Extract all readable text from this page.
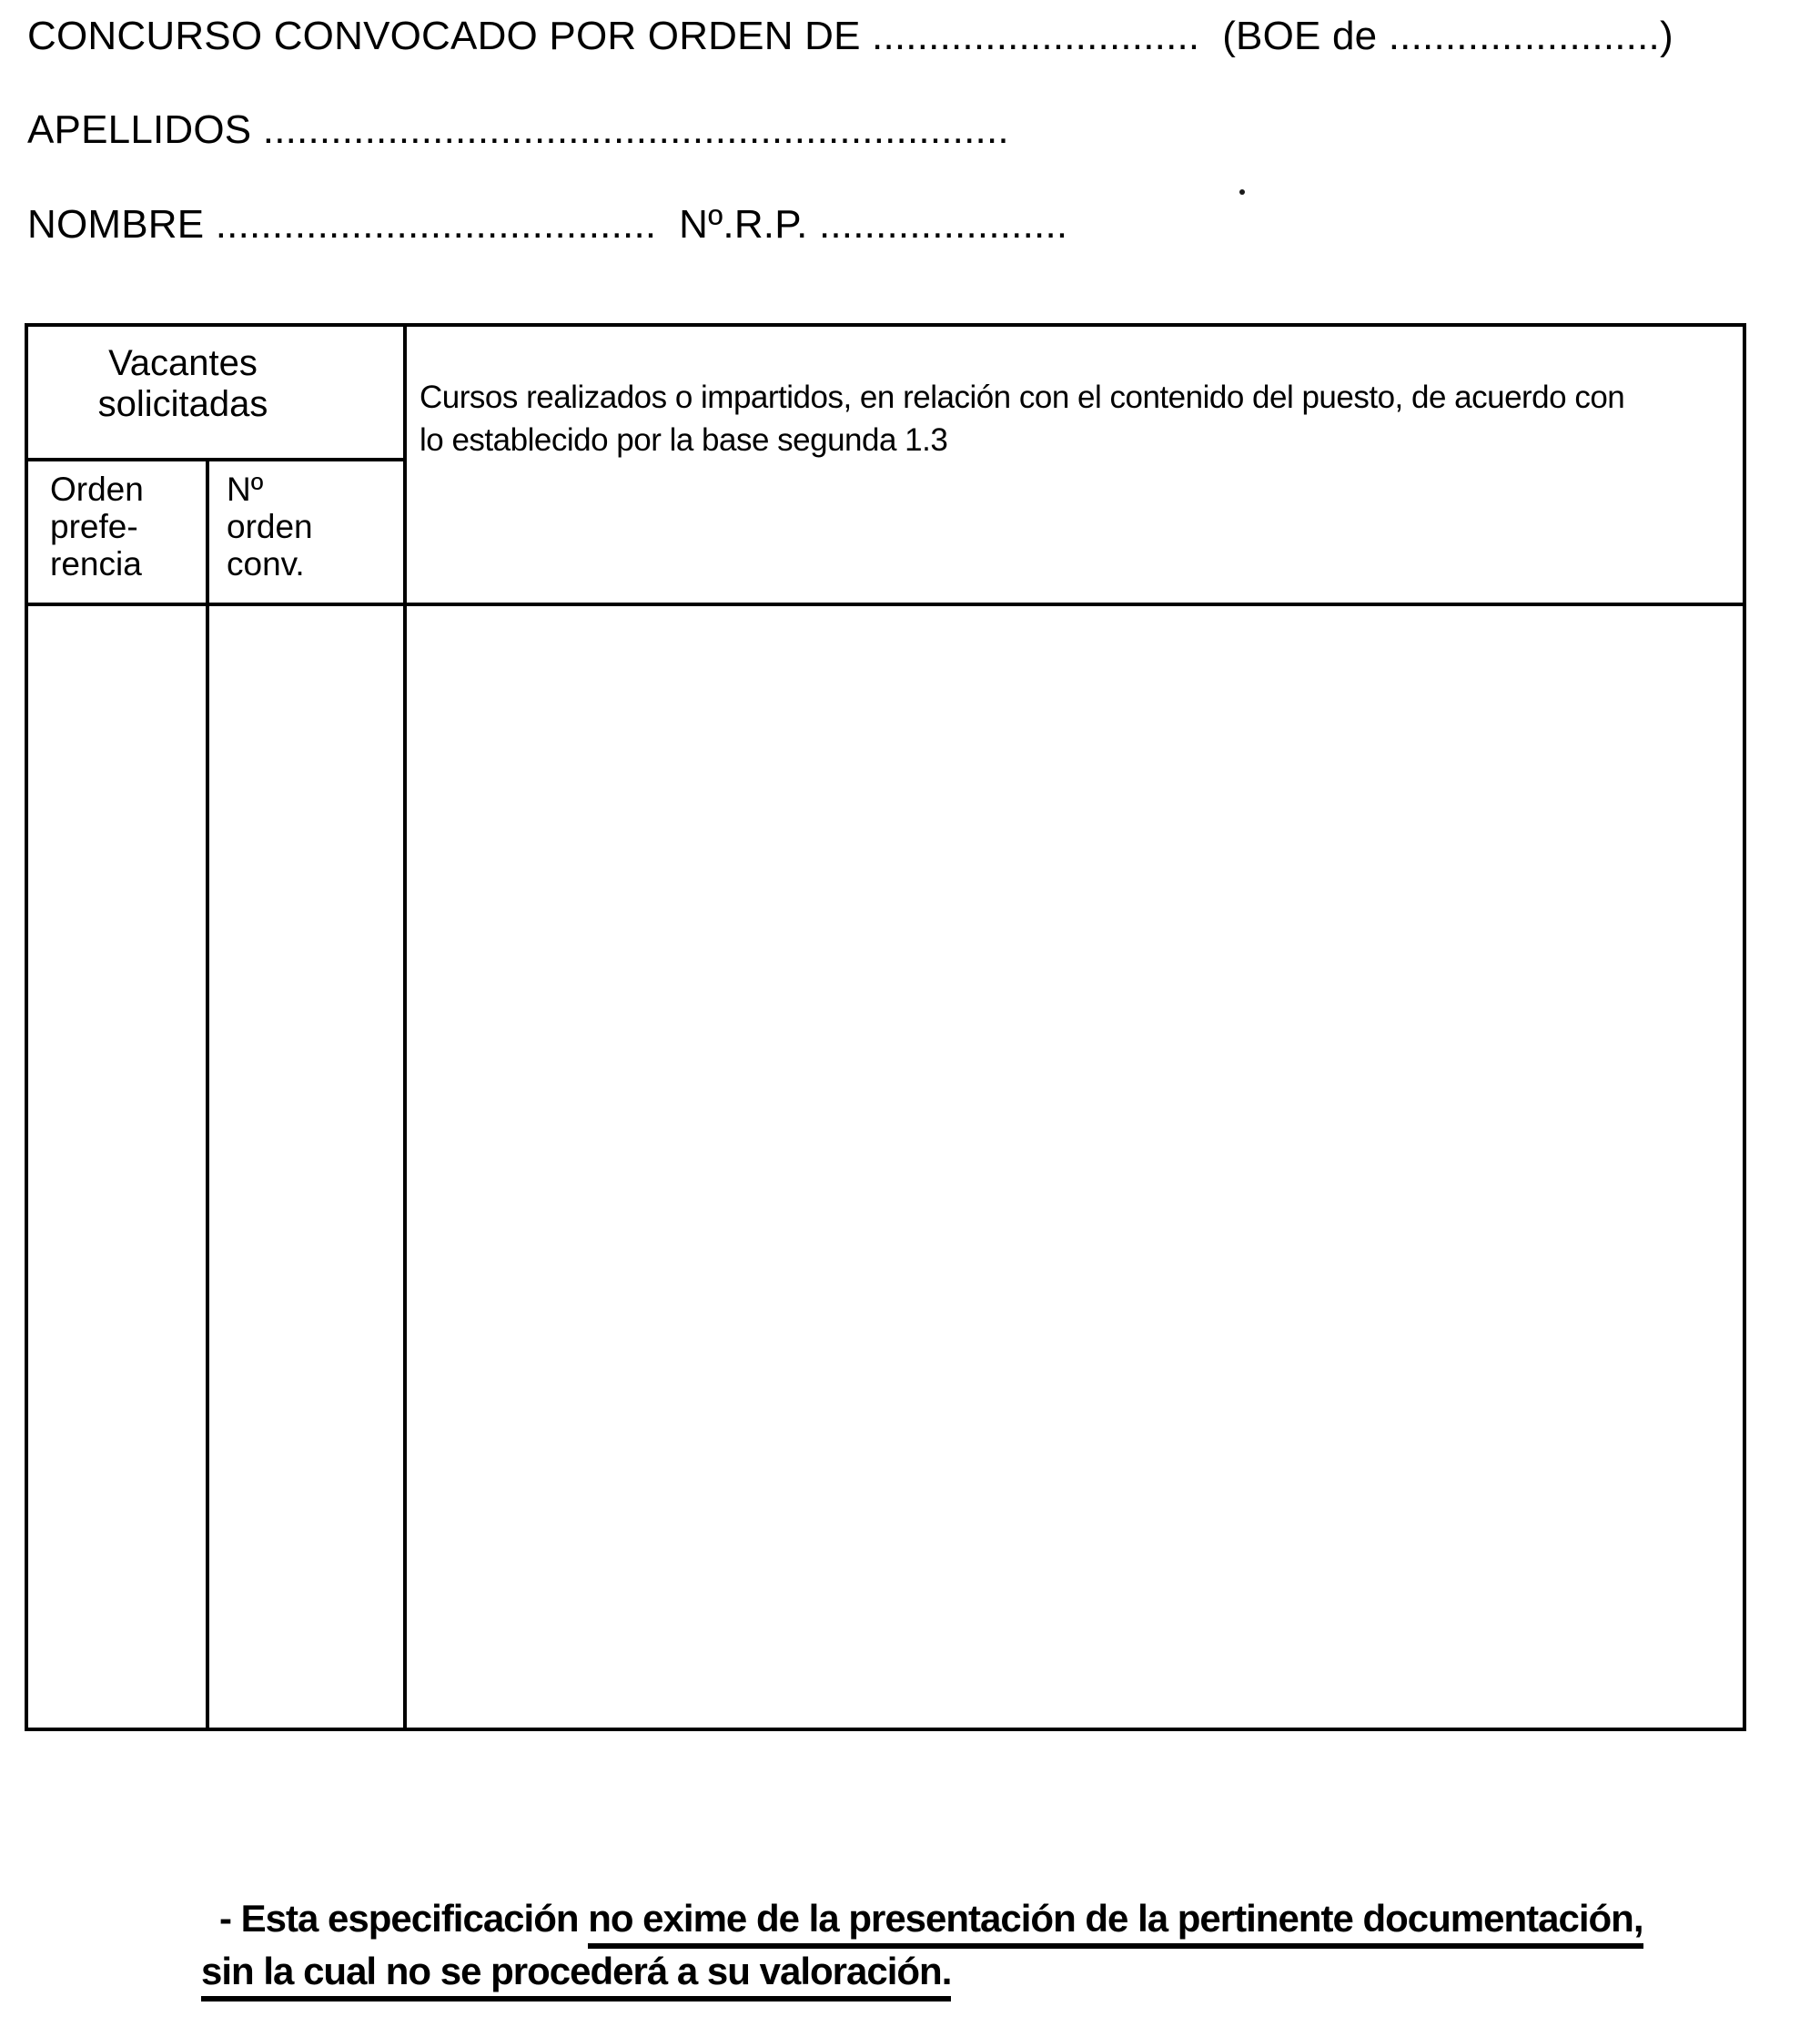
CONCURSO CONVOCADO POR ORDEN DE .............................  (BOE de ........................)
APELLIDOS ..................................................................
NOMBRE .......................................  Nº.R.P. ......................
Vacantes
solicitadas	Cursos realizados o impartidos, en relación con el contenido del puesto, de acuerdo con
lo establecido por la base segunda 1.3
Orden
prefe-
rencia
Nº
orden
conv.

- Esta especificación no exime de la presentación de la pertinente documentación,

sin la cual no se procederá a su valoración.
